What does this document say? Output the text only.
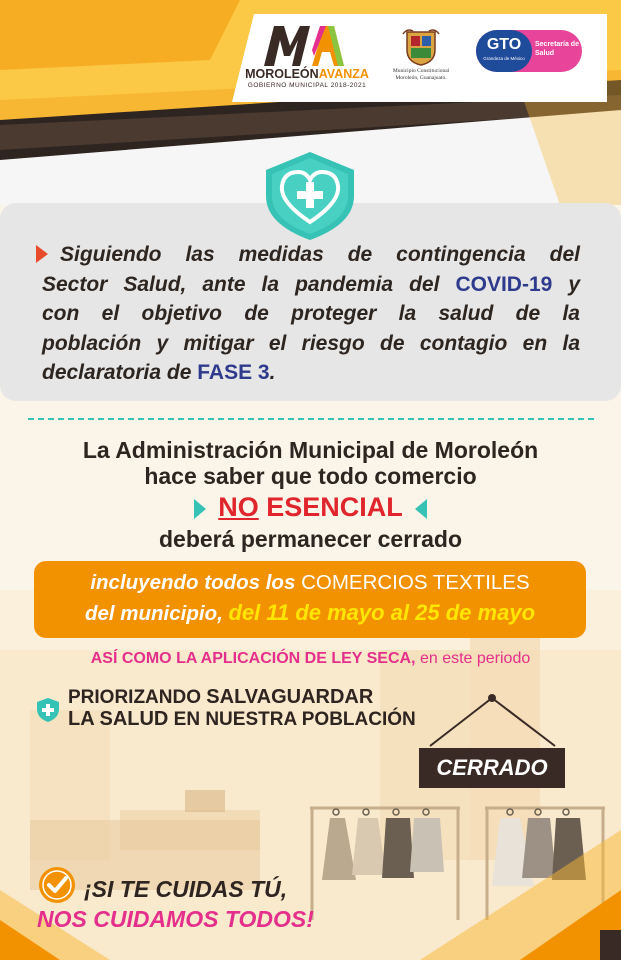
MOROLEÓNAVANZA
GOBIERNO MUNICIPAL 2018-2021
Municipio Constitucional
Moroleón, Guanajuato.
GTO
Grandeza de México
Secretaría de Salud
Siguiendo las medidas de contingencia del
Sector Salud, ante la pandemia del COVID-19 y
con el objetivo de proteger la salud de la
población y mitigar el riesgo de contagio en la
declaratoria de FASE 3.
La Administración Municipal de Moroleón
hace saber que todo comercio
NO ESENCIAL
deberá permanecer cerrado
incluyendo todos los COMERCIOS TEXTILES
del municipio, del 11 de mayo al 25 de mayo
ASÍ COMO LA APLICACIÓN DE LEY SECA, en este periodo
PRIORIZANDO SALVAGUARDAR
LA SALUD EN NUESTRA POBLACIÓN
CERRADO
¡SI TE CUIDAS TÚ,
NOS CUIDAMOS TODOS!
